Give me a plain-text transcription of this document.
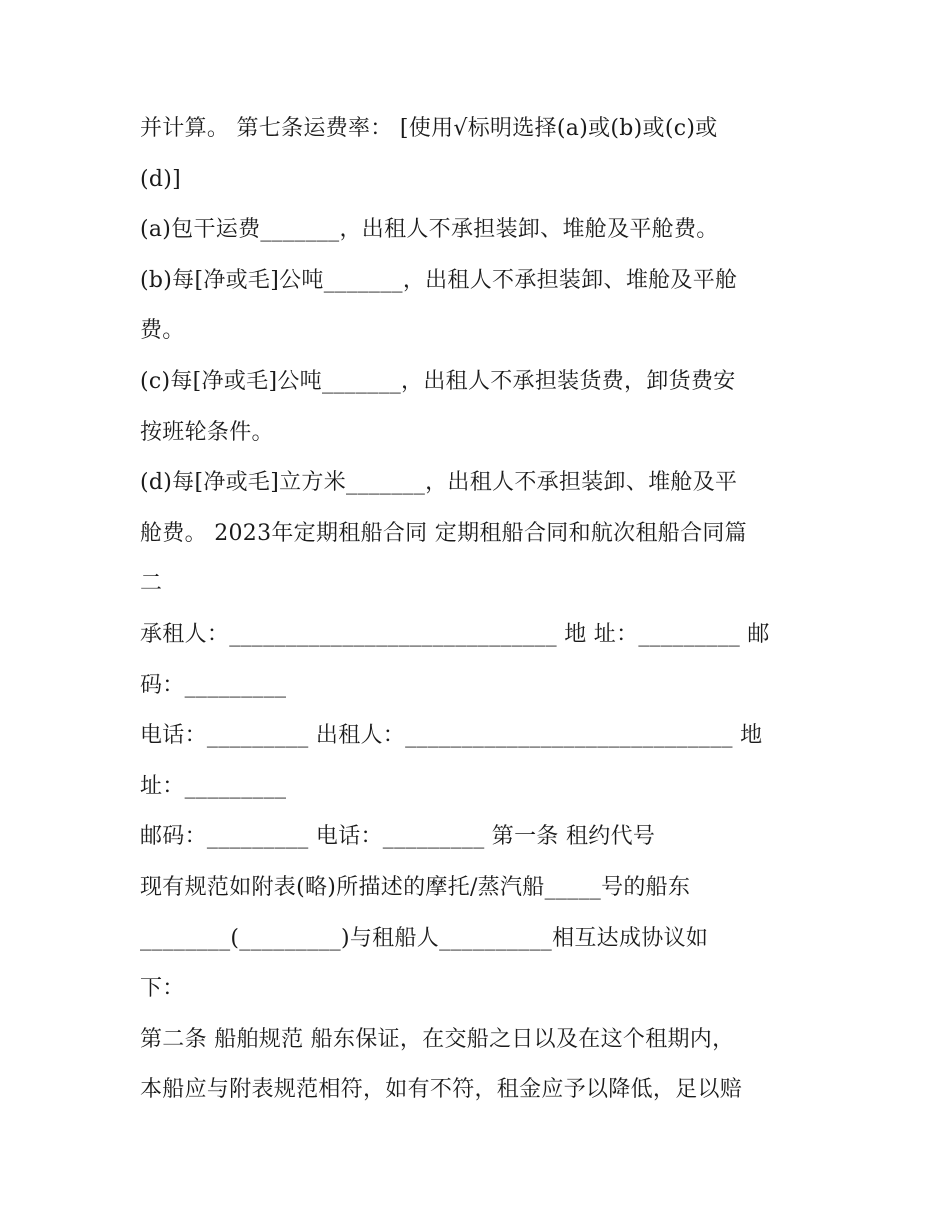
并计算。 第七条运费率： [使用√标明选择(a)或(b)或(c)或
(d)]
(a)包干运费_______，出租人不承担装卸、堆舱及平舱费。
(b)每[净或毛]公吨_______，出租人不承担装卸、堆舱及平舱
费。
(c)每[净或毛]公吨_______，出租人不承担装货费，卸货费安
按班轮条件。
(d)每[净或毛]立方米_______，出租人不承担装卸、堆舱及平
舱费。 2023年定期租船合同 定期租船合同和航次租船合同篇
二
承租人：_____________________________ 地 址：_________ 邮
码：_________
电话：_________ 出租人：_____________________________ 地
址：_________
邮码：_________ 电话：_________ 第一条 租约代号
现有规范如附表(略)所描述的摩托/蒸汽船_____号的船东
________(_________)与租船人__________相互达成协议如
下：
第二条 船舶规范 船东保证，在交船之日以及在这个租期内，
本船应与附表规范相符，如有不符，租金应予以降低，足以赔
